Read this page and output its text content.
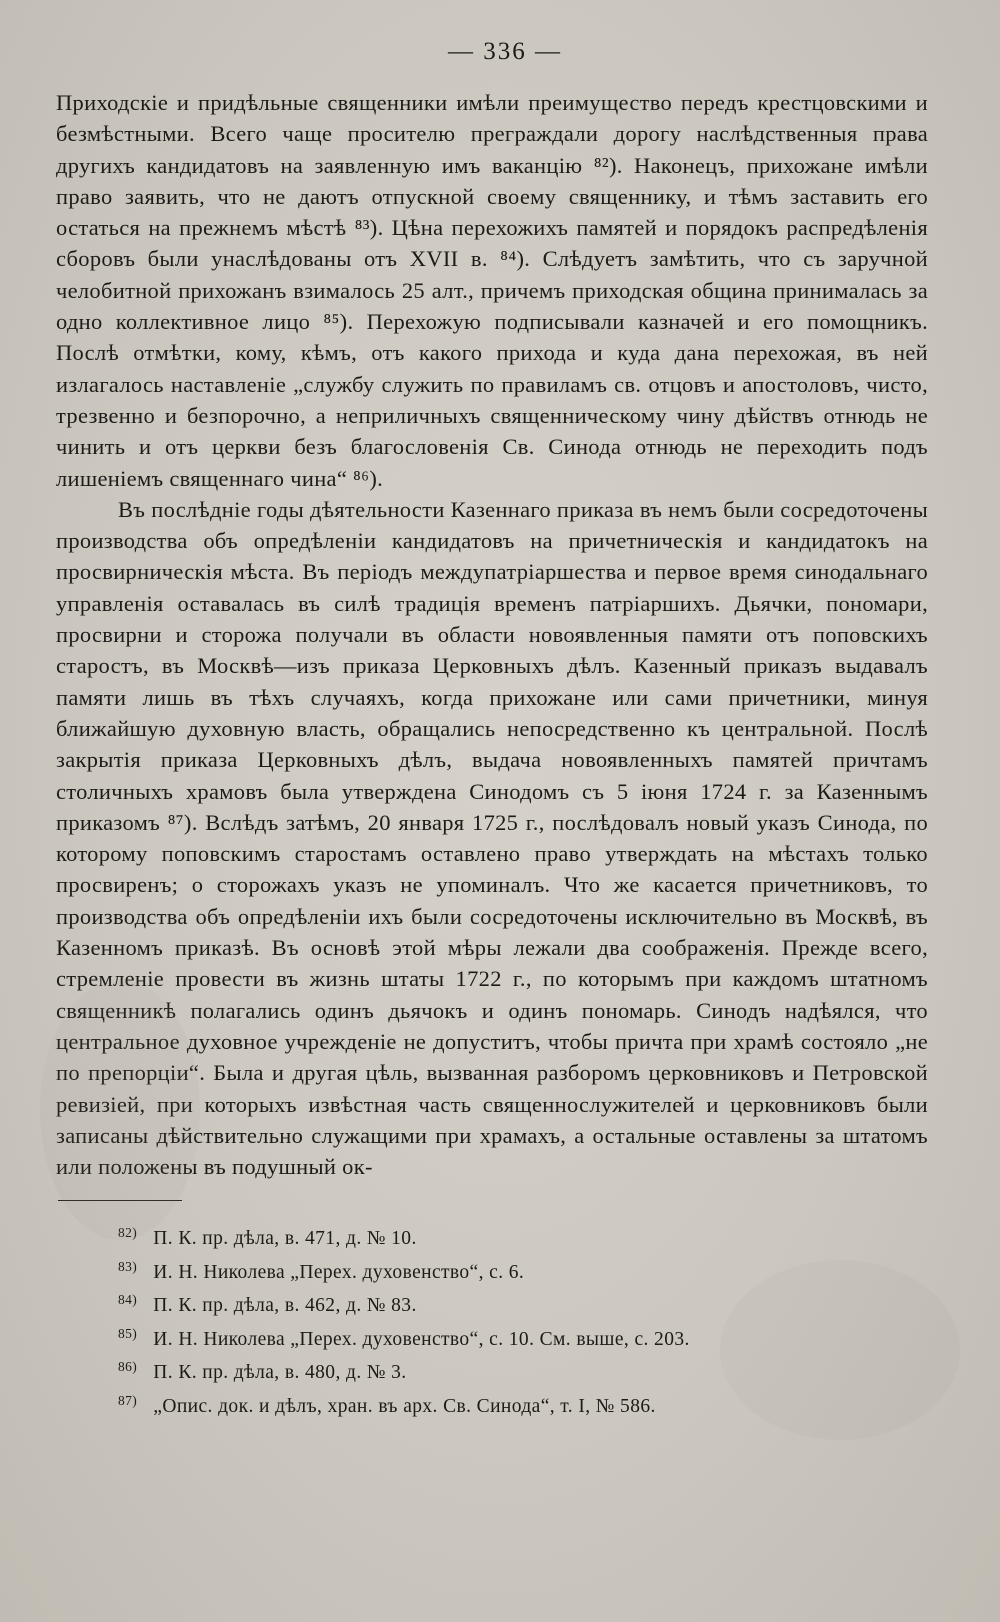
— 336 —

Приходскіе и придѣльные священники имѣли преимущество передъ крестцовскими и безмѣстными. Всего чаще просителю преграждали дорогу наслѣдственныя права другихъ кандидатовъ на заявленную имъ ваканцію ⁸²). Наконецъ, прихожане имѣли право заявить, что не даютъ отпускной своему священнику, и тѣмъ заставить его остаться на прежнемъ мѣстѣ ⁸³). Цѣна перехожихъ памятей и порядокъ распредѣленія сборовъ были унаслѣдованы отъ XVII в. ⁸⁴). Слѣдуетъ замѣтить, что съ заручной челобитной прихожанъ взималось 25 алт., причемъ приходская община принималась за одно коллективное лицо ⁸⁵). Перехожую подписывали казначей и его помощникъ. Послѣ отмѣтки, кому, кѣмъ, отъ какого прихода и куда дана перехожая, въ ней излагалось наставленіе „службу служить по правиламъ св. отцовъ и апостоловъ, чисто, трезвенно и безпорочно, а неприличныхъ священническому чину дѣйствъ отнюдь не чинить и отъ церкви безъ благословенія Св. Синода отнюдь не переходить подъ лишеніемъ священнаго чина“ ⁸⁶).

Въ послѣдніе годы дѣятельности Казеннаго приказа въ немъ были сосредоточены производства объ опредѣленіи кандидатовъ на причетническія и кандидатокъ на просвирническія мѣста. Въ періодъ междупатріаршества и первое время синодальнаго управленія оставалась въ силѣ традиція временъ патріаршихъ. Дьячки, пономари, просвирни и сторожа получали въ области новоявленныя памяти отъ поповскихъ старостъ, въ Москвѣ—изъ приказа Церковныхъ дѣлъ. Казенный приказъ выдавалъ памяти лишь въ тѣхъ случаяхъ, когда прихожане или сами причетники, минуя ближайшую духовную власть, обращались непосредственно къ центральной. Послѣ закрытія приказа Церковныхъ дѣлъ, выдача новоявленныхъ памятей причтамъ столичныхъ храмовъ была утверждена Синодомъ съ 5 іюня 1724 г. за Казеннымъ приказомъ ⁸⁷). Вслѣдъ затѣмъ, 20 января 1725 г., послѣдовалъ новый указъ Синода, по которому поповскимъ старостамъ оставлено право утверждать на мѣстахъ только просвиренъ; о сторожахъ указъ не упоминалъ. Что же касается причетниковъ, то производства объ опредѣленіи ихъ были сосредоточены исключительно въ Москвѣ, въ Казенномъ приказѣ. Въ основѣ этой мѣры лежали два соображенія. Прежде всего, стремленіе провести въ жизнь штаты 1722 г., по которымъ при каждомъ штатномъ священникѣ полагались одинъ дьячокъ и одинъ пономарь. Синодъ надѣялся, что центральное духовное учрежденіе не допуститъ, чтобы причта при храмѣ состояло „не по препорціи“. Была и другая цѣль, вызванная разборомъ церковниковъ и Петровской ревизіей, при которыхъ извѣстная часть священнослужителей и церковниковъ были записаны дѣйствительно служащими при храмахъ, а остальные оставлены за штатомъ или положены въ подушный ок-

82) П. К. пр. дѣла, в. 471, д. № 10.
83) И. Н. Николева „Перех. духовенство“, с. 6.
84) П. К. пр. дѣла, в. 462, д. № 83.
85) И. Н. Николева „Перех. духовенство“, с. 10. См. выше, с. 203.
86) П. К. пр. дѣла, в. 480, д. № 3.
87) „Опис. док. и дѣлъ, хран. въ арх. Св. Синода“, т. I, № 586.
